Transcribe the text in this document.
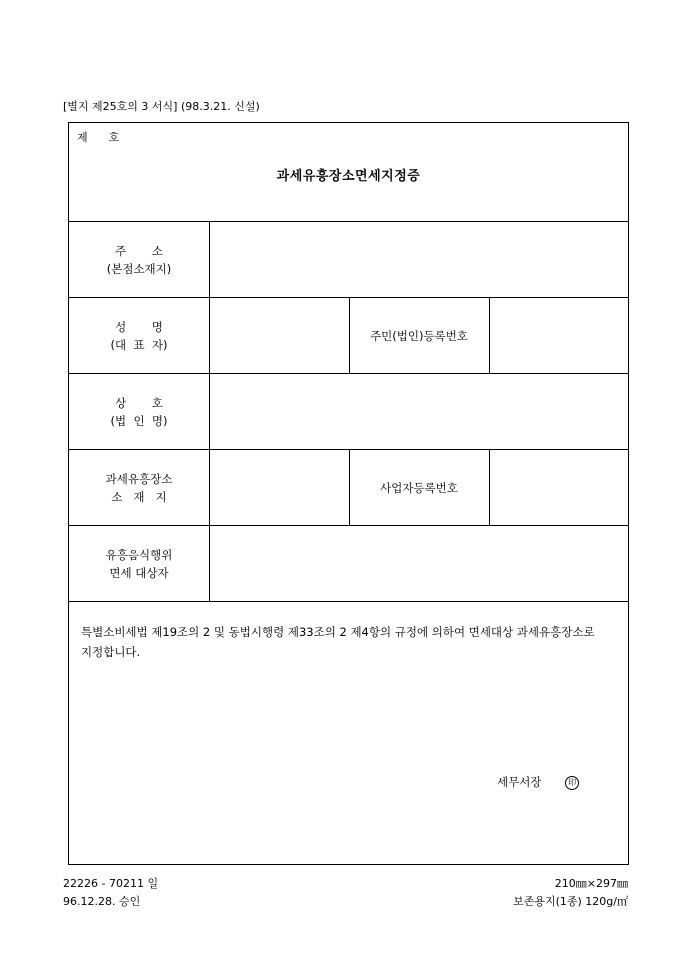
[별지 제25호의 3 서식] (98.3.21. 신설)
제      호
과세유흥장소면세지정증
주       소
(본점소재지)
성       명
(대  표  자)
주민(법인)등록번호
상       호
(법  인  명)
과세유흥장소
소   재   지
사업자등록번호
유흥음식행위
면세 대상자
특별소비세법 제19조의 2 및 동법시행령 제33조의 2 제4항의 규정에 의하여 면세대상 과세유흥장소로 지정합니다.
세무서장	印
22226 - 70211 일
96.12.28. 승인
210㎜×297㎜
보존용지(1종) 120g/㎡
